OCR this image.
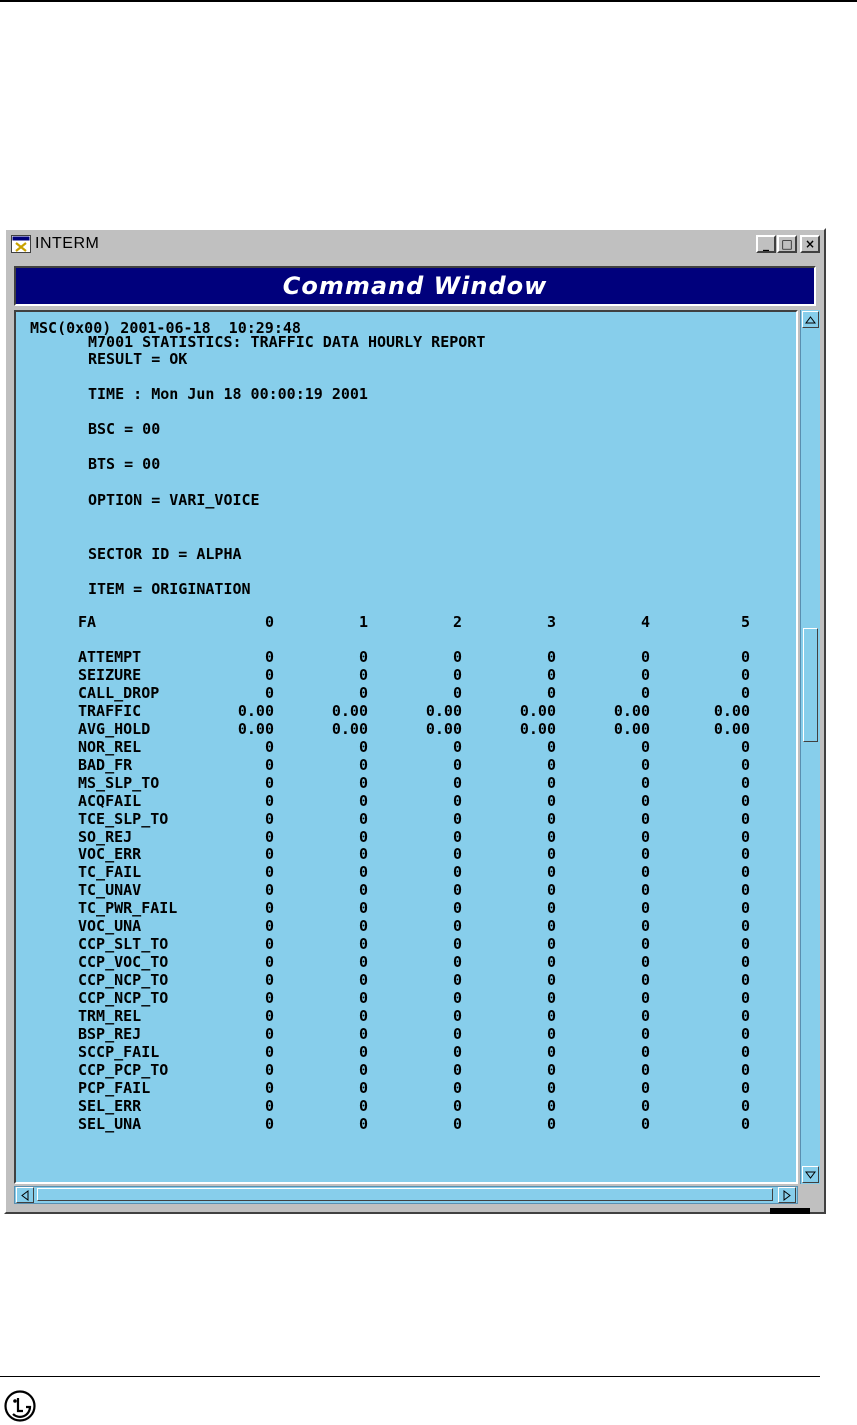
INTERM	_	□	×
Command Window
MSC(0x00) 2001-06-18  10:29:48
M7001 STATISTICS: TRAFFIC DATA HOURLY REPORT
RESULT = OK
TIME : Mon Jun 18 00:00:19 2001
BSC = 00
BTS = 00
OPTION = VARI_VOICE
SECTOR ID = ALPHA
ITEM = ORIGINATION
FA	0	1	2	3	4	5
ATTEMPT	0	0	0	0	0	0
SEIZURE	0	0	0	0	0	0
CALL_DROP	0	0	0	0	0	0
TRAFFIC	0.00	0.00	0.00	0.00	0.00	0.00
AVG_HOLD	0.00	0.00	0.00	0.00	0.00	0.00
NOR_REL	0	0	0	0	0	0
BAD_FR	0	0	0	0	0	0
MS_SLP_TO	0	0	0	0	0	0
ACQFAIL	0	0	0	0	0	0
TCE_SLP_TO	0	0	0	0	0	0
SO_REJ	0	0	0	0	0	0
VOC_ERR	0	0	0	0	0	0
TC_FAIL	0	0	0	0	0	0
TC_UNAV	0	0	0	0	0	0
TC_PWR_FAIL	0	0	0	0	0	0
VOC_UNA	0	0	0	0	0	0
CCP_SLT_TO	0	0	0	0	0	0
CCP_VOC_TO	0	0	0	0	0	0
CCP_NCP_TO	0	0	0	0	0	0
CCP_NCP_TO	0	0	0	0	0	0
TRM_REL	0	0	0	0	0	0
BSP_REJ	0	0	0	0	0	0
SCCP_FAIL	0	0	0	0	0	0
CCP_PCP_TO	0	0	0	0	0	0
PCP_FAIL	0	0	0	0	0	0
SEL_ERR	0	0	0	0	0	0
SEL_UNA	0	0	0	0	0	0
